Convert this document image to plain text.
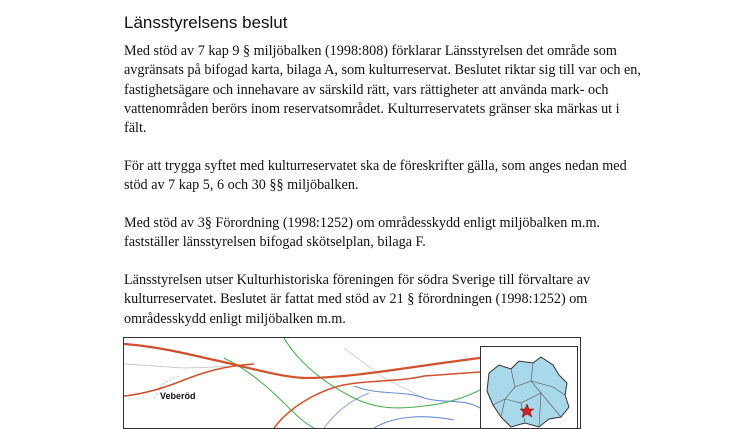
Länsstyrelsens beslut

Med stöd av 7 kap 9 § miljöbalken (1998:808) förklarar Länsstyrelsen det område som avgränsats på bifogad karta, bilaga A, som kulturreservat. Beslutet riktar sig till var och en, fastighetsägare och innehavare av särskild rätt, vars rättigheter att använda mark- och vattenområden berörs inom reservatsområdet. Kulturreservatets gränser ska märkas ut i fält.

För att trygga syftet med kulturreservatet ska de föreskrifter gälla, som anges nedan med stöd av 7 kap 5, 6 och 30 §§ miljöbalken.

Med stöd av 3§ Förordning (1998:1252) om områdesskydd enligt miljöbalken m.m. fastställer länsstyrelsen bifogad skötselplan, bilaga F.

Länsstyrelsen utser Kulturhistoriska föreningen för södra Sverige till förvaltare av kulturreservatet. Beslutet är fattat med stöd av 21 § förordningen (1998:1252) om områdesskydd enligt miljöbalken m.m.

Veberöd
